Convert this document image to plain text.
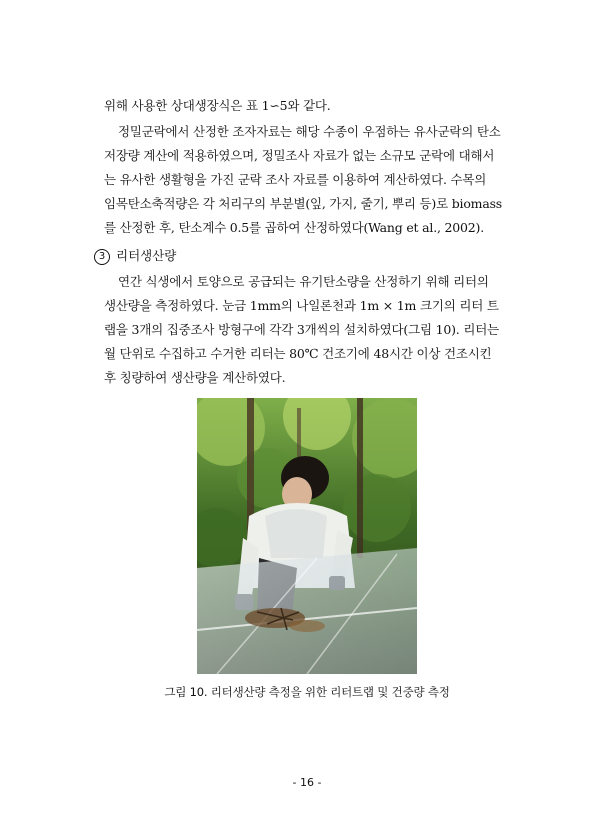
위해 사용한 상대생장식은 표 1∽5와 같다.
정밀군락에서 산정한 조자자료는 해당 수종이 우점하는 유사군락의 탄소
저장량 계산에 적용하였으며, 정밀조사 자료가 없는 소규모 군락에 대해서
는 유사한 생활형을 가진 군락 조사 자료를 이용하여 계산하였다. 수목의
임목탄소축적량은 각 처리구의 부분별(잎, 가지, 줄기, 뿌리 등)로 biomass
를 산정한 후, 탄소계수 0.5를 곱하여 산정하였다(Wang et al., 2002).
3 리터생산량
연간 식생에서 토양으로 공급되는 유기탄소량을 산정하기 위해 리터의
생산량을 측정하였다. 눈금 1mm의 나일론천과 1m × 1m 크기의 리터 트
랩을 3개의 집중조사 방형구에 각각 3개씩의 설치하였다(그림 10). 리터는
월 단위로 수집하고 수거한 리터는 80℃ 건조기에 48시간 이상 건조시킨
후 칭량하여 생산량을 계산하였다.
그림 10. 리터생산량 측정을 위한 리터트랩 및 건중량 측정
- 16 -
